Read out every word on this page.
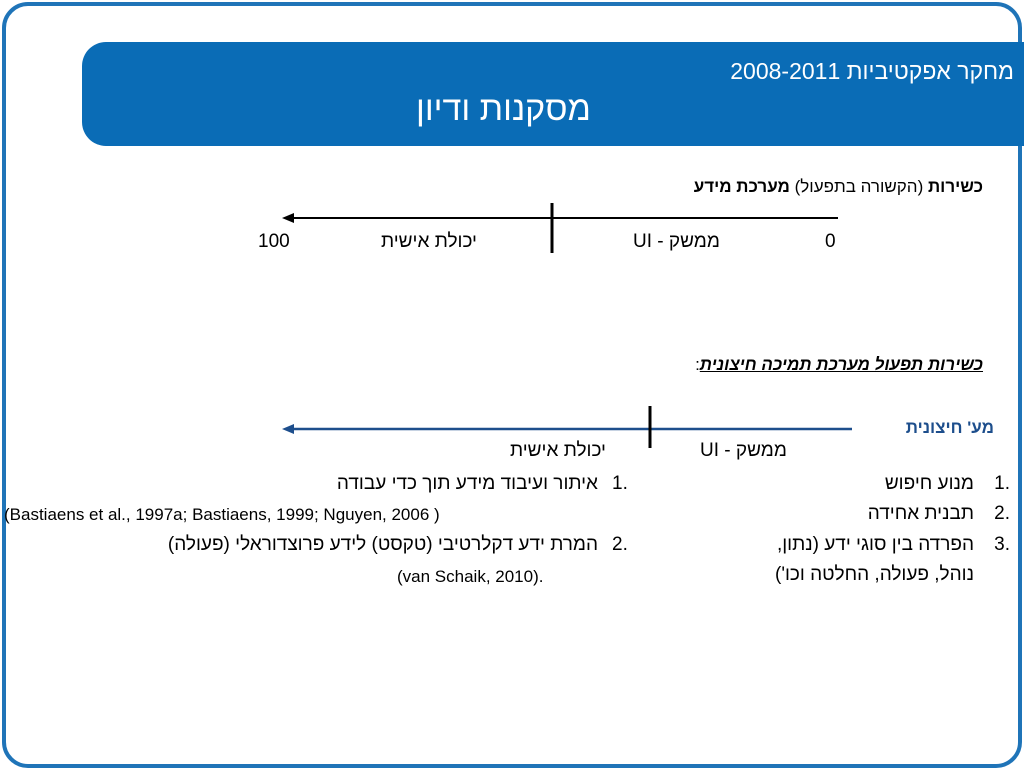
מחקר אפקטיביות 2008-2011
מסקנות ודיון
כשירות (הקשורה בתפעול) מערכת מידע
100	יכולת אישית	ממשק - UI	0
כשירות תפעול מערכת תמיכה חיצונית:
מע' חיצונית
יכולת אישית	ממשק - UI
1.
מנוע חיפוש
2.
תבנית אחידה
3.
הפרדה בין סוגי ידע (נתון,
נוהל, פעולה, החלטה וכו')
1.
איתור ועיבוד מידע תוך כדי עבודה
(Bastiaens et al., 1997a; Bastiaens, 1999; Nguyen, 2006 )
2.
המרת ידע דקלרטיבי (טקסט) לידע פרוצדוראלי (פעולה)
(van Schaik, 2010).
